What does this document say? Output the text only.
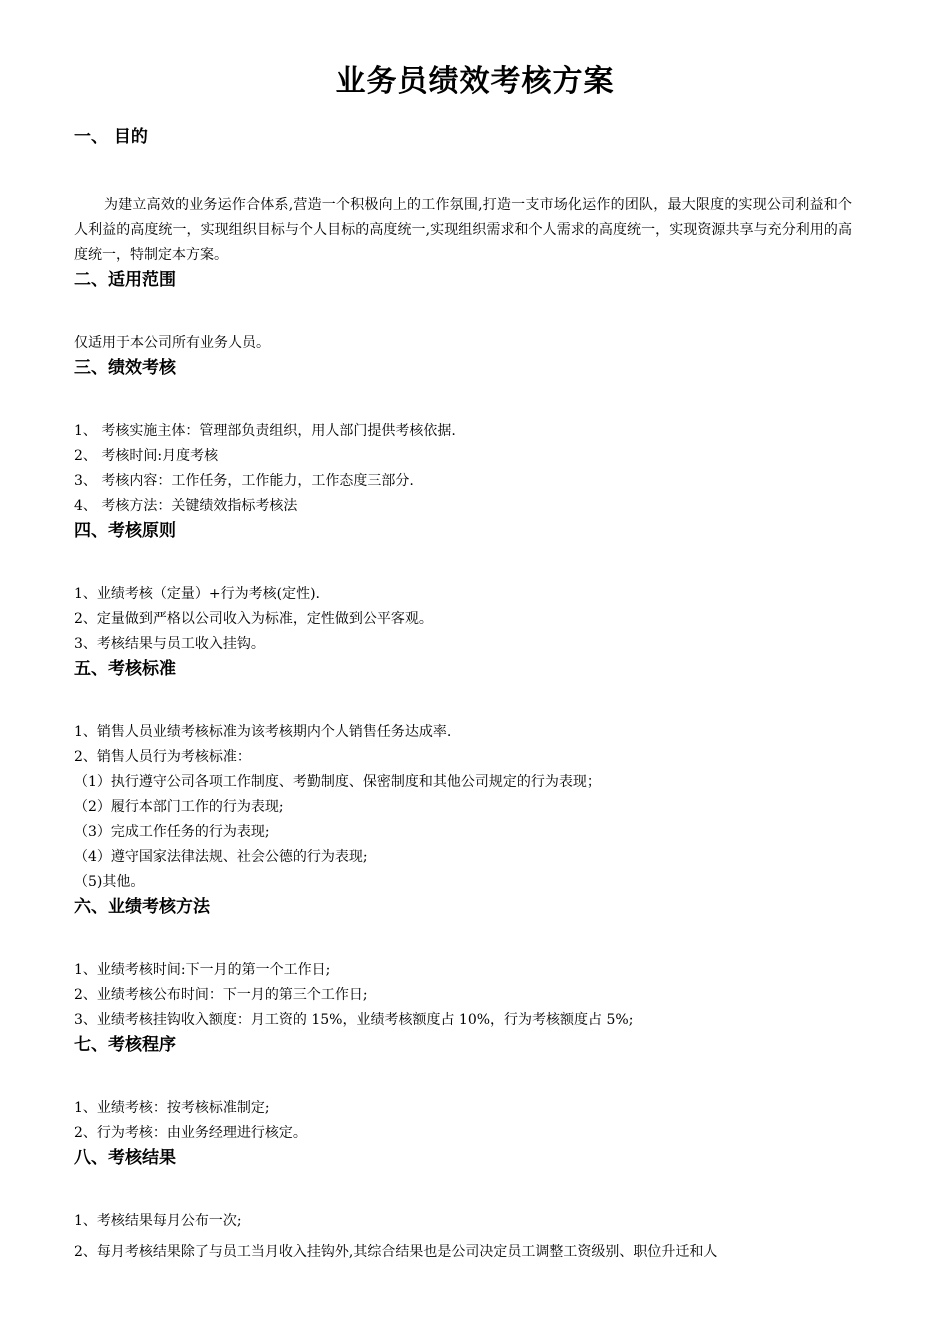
业务员绩效考核方案
一、 目的
为建立高效的业务运作合体系,营造一个积极向上的工作氛围,打造一支市场化运作的团队，最大限度的实现公司利益和个人利益的高度统一，实现组织目标与个人目标的高度统一,实现组织需求和个人需求的高度统一，实现资源共享与充分利用的高度统一，特制定本方案。
二、适用范围
仅适用于本公司所有业务人员。
三、绩效考核
1、 考核实施主体：管理部负责组织，用人部门提供考核依据.
2、 考核时间:月度考核
3、 考核内容：工作任务，工作能力，工作态度三部分.
4、 考核方法：关键绩效指标考核法
四、考核原则
1、业绩考核（定量）+行为考核(定性).
2、定量做到严格以公司收入为标准，定性做到公平客观。
3、考核结果与员工收入挂钩。
五、考核标准
1、销售人员业绩考核标准为该考核期内个人销售任务达成率.
2、销售人员行为考核标准：
（1）执行遵守公司各项工作制度、考勤制度、保密制度和其他公司规定的行为表现；
（2）履行本部门工作的行为表现;
（3）完成工作任务的行为表现;
（4）遵守国家法律法规、社会公德的行为表现;
（5)其他。
六、业绩考核方法
1、业绩考核时间:下一月的第一个工作日;
2、业绩考核公布时间：下一月的第三个工作日;
3、业绩考核挂钩收入额度：月工资的 15%，业绩考核额度占 10%，行为考核额度占 5%;
七、考核程序
1、业绩考核：按考核标准制定;
2、行为考核：由业务经理进行核定。
八、考核结果
1、考核结果每月公布一次;
2、每月考核结果除了与员工当月收入挂钩外,其综合结果也是公司决定员工调整工资级别、职位升迁和人
